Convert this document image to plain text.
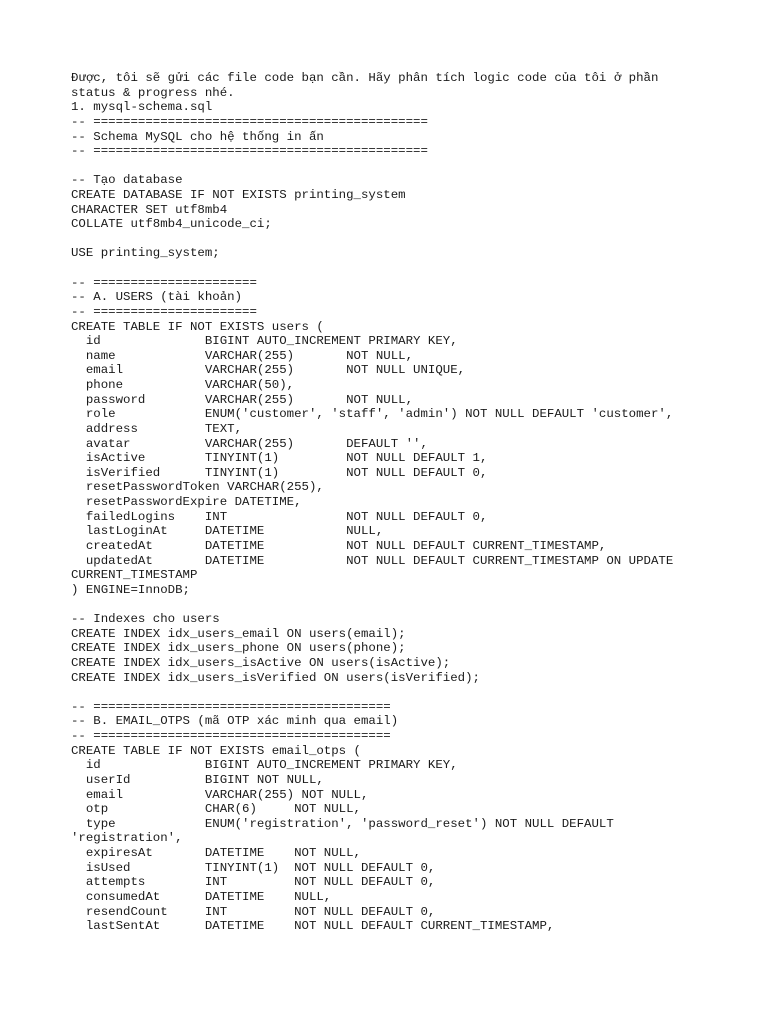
Được, tôi sẽ gửi các file code bạn cần. Hãy phân tích logic code của tôi ở phần
status & progress nhé.
1. mysql-schema.sql
-- =============================================
-- Schema MySQL cho hệ thống in ấn
-- =============================================
-- Tạo database
CREATE DATABASE IF NOT EXISTS printing_system
CHARACTER SET utf8mb4
COLLATE utf8mb4_unicode_ci;
USE printing_system;
-- ======================
-- A. USERS (tài khoản)
-- ======================
CREATE TABLE IF NOT EXISTS users (
id              BIGINT AUTO_INCREMENT PRIMARY KEY,
name            VARCHAR(255)       NOT NULL,
email           VARCHAR(255)       NOT NULL UNIQUE,
phone           VARCHAR(50),
password        VARCHAR(255)       NOT NULL,
role            ENUM('customer', 'staff', 'admin') NOT NULL DEFAULT 'customer',
address         TEXT,
avatar          VARCHAR(255)       DEFAULT '',
isActive        TINYINT(1)         NOT NULL DEFAULT 1,
isVerified      TINYINT(1)         NOT NULL DEFAULT 0,
resetPasswordToken VARCHAR(255),
resetPasswordExpire DATETIME,
failedLogins    INT                NOT NULL DEFAULT 0,
lastLoginAt     DATETIME           NULL,
createdAt       DATETIME           NOT NULL DEFAULT CURRENT_TIMESTAMP,
updatedAt       DATETIME           NOT NULL DEFAULT CURRENT_TIMESTAMP ON UPDATE
CURRENT_TIMESTAMP
) ENGINE=InnoDB;
-- Indexes cho users
CREATE INDEX idx_users_email ON users(email);
CREATE INDEX idx_users_phone ON users(phone);
CREATE INDEX idx_users_isActive ON users(isActive);
CREATE INDEX idx_users_isVerified ON users(isVerified);
-- ========================================
-- B. EMAIL_OTPS (mã OTP xác minh qua email)
-- ========================================
CREATE TABLE IF NOT EXISTS email_otps (
id              BIGINT AUTO_INCREMENT PRIMARY KEY,
userId          BIGINT NOT NULL,
email           VARCHAR(255) NOT NULL,
otp             CHAR(6)     NOT NULL,
type            ENUM('registration', 'password_reset') NOT NULL DEFAULT
'registration',
expiresAt       DATETIME    NOT NULL,
isUsed          TINYINT(1)  NOT NULL DEFAULT 0,
attempts        INT         NOT NULL DEFAULT 0,
consumedAt      DATETIME    NULL,
resendCount     INT         NOT NULL DEFAULT 0,
lastSentAt      DATETIME    NOT NULL DEFAULT CURRENT_TIMESTAMP,
